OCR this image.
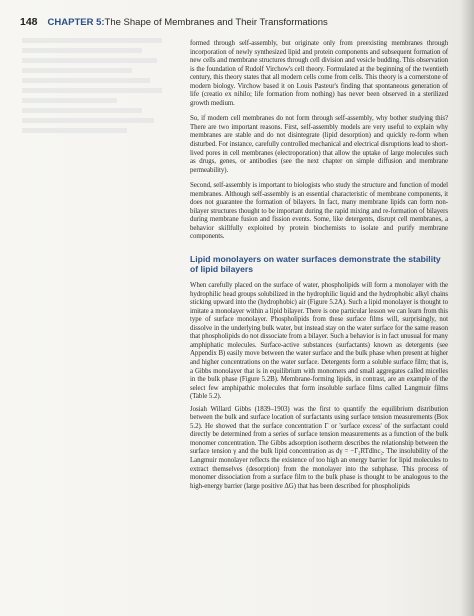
148 CHAPTER 5:The Shape of Membranes and Their Transformations

formed through self-assembly, but originate only from preexisting membranes through incorporation of newly synthesized lipid and protein components and subsequent formation of new cells and membrane structures through cell division and vesicle budding. This observation is the foundation of Rudolf Virchow's cell theory. Formulated at the beginning of the twentieth century, this theory states that all modern cells come from cells. This theory is a cornerstone of modern biology. Virchow based it on Louis Pasteur's finding that spontaneous generation of life (creatio ex nihilo; life formation from nothing) has never been observed in a sterilized growth medium.

So, if modern cell membranes do not form through self-assembly, why bother studying this? There are two important reasons. First, self-assembly models are very useful to explain why membranes are stable and do not disintegrate (lipid desorption) and quickly re-form when disturbed. For instance, carefully controlled mechanical and electrical disruptions lead to short-lived pores in cell membranes (electroporation) that allow the uptake of large molecules such as drugs, genes, or antibodies (see the next chapter on simple diffusion and membrane permeability).

Second, self-assembly is important to biologists who study the structure and function of model membranes. Although self-assembly is an essential characteristic of membrane components, it does not guarantee the formation of bilayers. In fact, many membrane lipids can form non-bilayer structures thought to be important during the rapid mixing and re-formation of bilayers during membrane fusion and fission events. Some, like detergents, disrupt cell membranes, a behavior skillfully exploited by protein biochemists to isolate and purify membrane components.

Lipid monolayers on water surfaces demonstrate the stability of lipid bilayers

When carefully placed on the surface of water, phospholipids will form a monolayer with the hydrophilic head groups solubilized in the hydrophilic liquid and the hydrophobic alkyl chains sticking upward into the (hydrophobic) air (Figure 5.2A). Such a lipid monolayer is thought to imitate a monolayer within a lipid bilayer. There is one particular lesson we can learn from this type of surface monolayer. Phospholipids from these surface films will, surprisingly, not dissolve in the underlying bulk water, but instead stay on the water surface for the same reason that phospholipids do not dissociate from a bilayer. Such a behavior is in fact unusual for many amphiphatic molecules. Surface-active substances (surfactants) known as detergents (see Appendix B) easily move between the water surface and the bulk phase when present at higher and higher concentrations on the water surface. Detergents form a soluble surface film; that is, a Gibbs monolayer that is in equilibrium with monomers and small aggregates called micelles in the bulk phase (Figure 5.2B). Membrane-forming lipids, in contrast, are an example of the select few amphipathic molecules that form insoluble surface films called Langmuir films (Table 5.2).

Josiah Willard Gibbs (1839–1903) was the first to quantify the equilibrium distribution between the bulk and surface location of surfactants using surface tension measurements (Box 5.2). He showed that the surface concentration Γ or 'surface excess' of the surfactant could directly be determined from a series of surface tension measurements as a function of the bulk monomer concentration. The Gibbs adsorption isotherm describes the relationship between the surface tension γ and the bulk lipid concentration as dγ = −Γ₂RTdlnc₂. The insolubility of the Langmuir monolayer reflects the existence of too high an energy barrier for lipid molecules to extract themselves (desorption) from the monolayer into the subphase. This process of monomer dissociation from a surface film to the bulk phase is thought to be analogous to the high-energy barrier (large positive ΔG) that has been described for phospholipids
